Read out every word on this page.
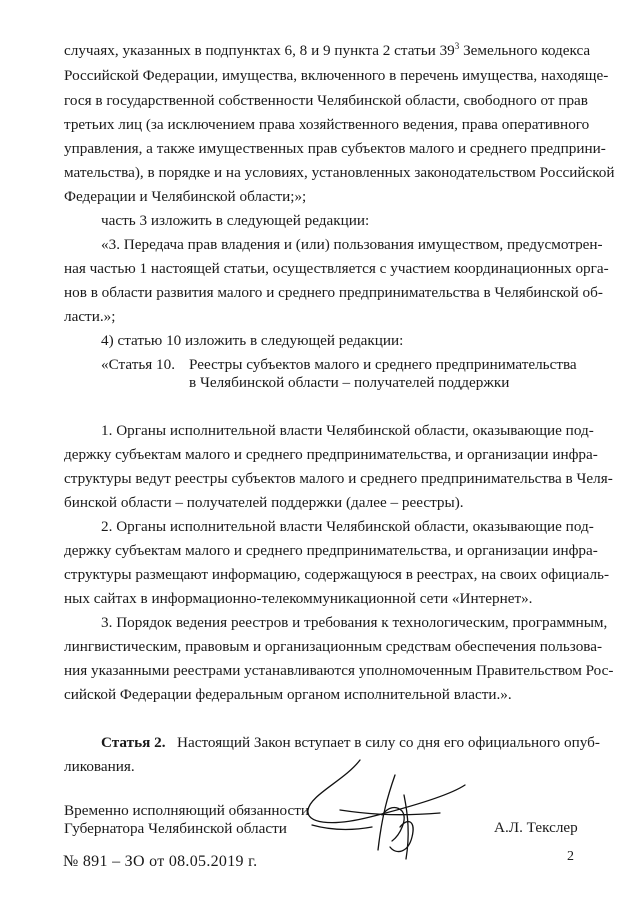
случаях, указанных в подпунктах 6, 8 и 9 пункта 2 статьи $39^3$ Земельного кодекса
Российской Федерации, имущества, включенного в перечень имущества, находяще-
гося в государственной собственности Челябинской области, свободного от прав
третьих лиц (за исключением права хозяйственного ведения, права оперативного
управления, а также имущественных прав субъектов малого и среднего предприни-
мательства), в порядке и на условиях, установленных законодательством Российской
Федерации и Челябинской области;»;
часть 3 изложить в следующей редакции:
«3. Передача прав владения и (или) пользования имуществом, предусмотрен-
ная частью 1 настоящей статьи, осуществляется с участием координационных орга-
нов в области развития малого и среднего предпринимательства в Челябинской об-
ласти.»;
4) статью 10 изложить в следующей редакции:
«Статья 10. Реестры субъектов малого и среднего предпринимательства
в Челябинской области – получателей поддержки
1. Органы исполнительной власти Челябинской области, оказывающие под-
держку субъектам малого и среднего предпринимательства, и организации инфра-
структуры ведут реестры субъектов малого и среднего предпринимательства в Челя-
бинской области – получателей поддержки (далее – реестры).
2. Органы исполнительной власти Челябинской области, оказывающие под-
держку субъектам малого и среднего предпринимательства, и организации инфра-
структуры размещают информацию, содержащуюся в реестрах, на своих официаль-
ных сайтах в информационно-телекоммуникационной сети «Интернет».
3. Порядок ведения реестров и требования к технологическим, программным,
лингвистическим, правовым и организационным средствам обеспечения пользова-
ния указанными реестрами устанавливаются уполномоченным Правительством Рос-
сийской Федерации федеральным органом исполнительной власти.».
Статья 2. Настоящий Закон вступает в силу со дня его официального опуб-
ликования.
Временно исполняющий обязанности
Губернатора Челябинской области	А.Л. Текслер
2
№ 891 – ЗО от 08.05.2019 г.
